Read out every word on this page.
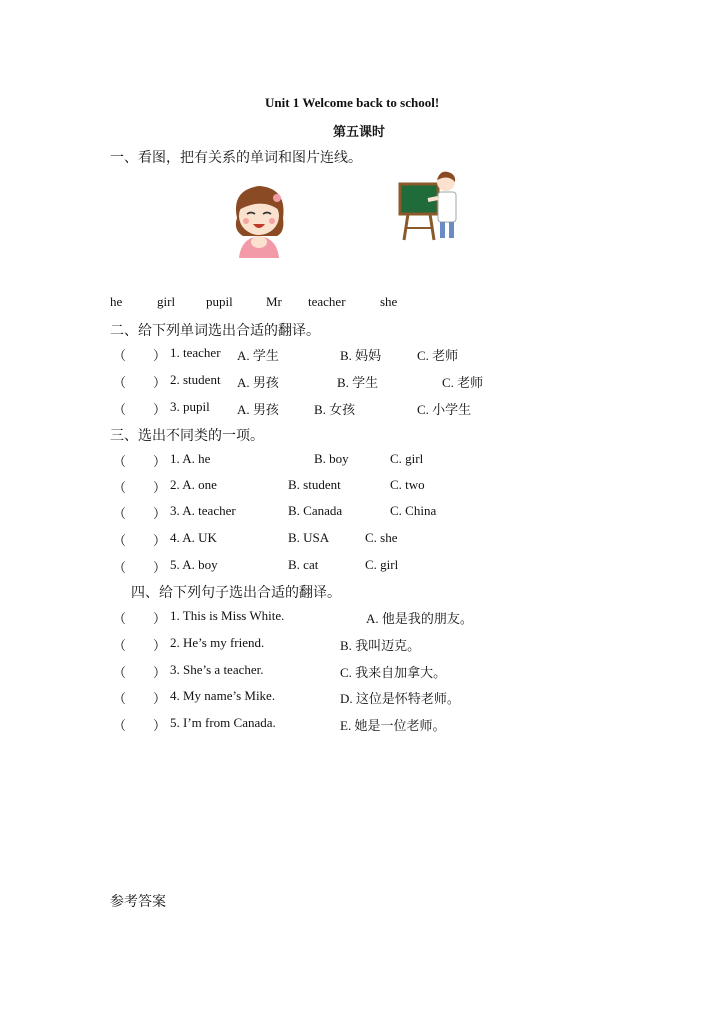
Unit 1 Welcome back to school!
第五课时
一、看图，把有关系的单词和图片连线。
he	girl pupil	Mr teacher	she
二、给下列单词选出合适的翻译。
（ ） 1. teacher A. 学生	B. 妈妈	C. 老师
（ ） 2. student A. 男孩	B. 学生	C. 老师
（ ） 3. pupil A. 男孩	B. 女孩	C. 小学生
三、选出不同类的一项。
（ ） 1. A. he	B. boy	C. girl
（ ） 2. A. one	B. student	C. two
（ ） 3. A. teacher	B. Canada	C. China
（ ） 4. A. UK	B. USA	C. she
（ ） 5. A. boy	B. cat	C. girl
四、给下列句子选出合适的翻译。
（ ） 1. This is Miss White.	A. 他是我的朋友。
（ ） 2. He’s my friend.	B. 我叫迈克。
（ ） 3. She’s a teacher.	C. 我来自加拿大。
（ ） 4. My name’s Mike.	D. 这位是怀特老师。
（ ） 5. I’m from Canada.	E. 她是一位老师。
参考答案
